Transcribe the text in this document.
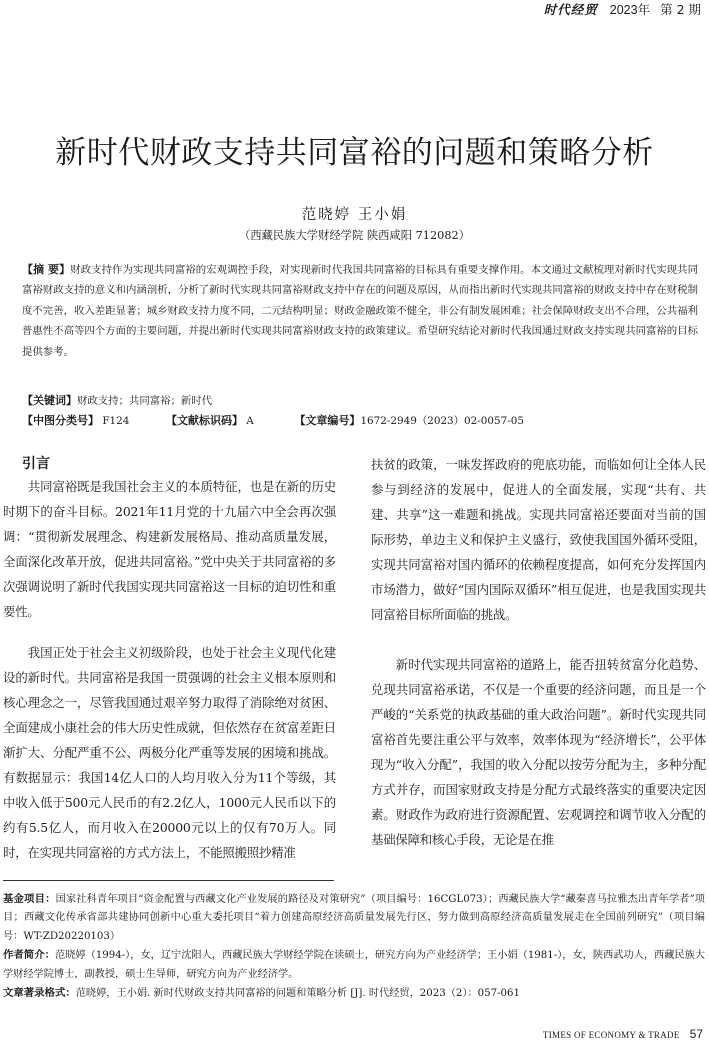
时代经贸 2023年 第 2 期
新时代财政支持共同富裕的问题和策略分析
范晓婷 王小娟
（西藏民族大学财经学院 陕西咸阳 712082）
【摘 要】财政支持作为实现共同富裕的宏观调控手段，对实现新时代我国共同富裕的目标具有重要支撑作用。本文通过文献梳理对新时代实现共同富裕财政支持的意义和内涵剖析，分析了新时代实现共同富裕财政支持中存在的问题及原因，从而指出新时代实现共同富裕的财政支持中存在财税制度不完善，收入差距显著；城乡财政支持力度不同，二元结构明显；财政金融政策不健全，非公有制发展困难；社会保障财政支出不合理，公共福利普惠性不高等四个方面的主要问题，并提出新时代实现共同富裕财政支持的政策建议。希望研究结论对新时代我国通过财政支持实现共同富裕的目标提供参考。
【关键词】财政支持；共同富裕；新时代
【中图分类号】 F124	【文献标识码】 A	【文章编号】1672-2949（2023）02-0057-05
引言

共同富裕既是我国社会主义的本质特征，也是在新的历史时期下的奋斗目标。2021年11月党的十九届六中全会再次强调：“贯彻新发展理念、构建新发展格局、推动高质量发展，全面深化改革开放，促进共同富裕。”党中央关于共同富裕的多次强调说明了新时代我国实现共同富裕这一目标的迫切性和重要性。

我国正处于社会主义初级阶段，也处于社会主义现代化建设的新时代。共同富裕是我国一贯强调的社会主义根本原则和核心理念之一，尽管我国通过艰辛努力取得了消除绝对贫困、全面建成小康社会的伟大历史性成就，但依然存在贫富差距日渐扩大、分配严重不公、两极分化严重等发展的困境和挑战。有数据显示：我国14亿人口的人均月收入分为11个等级，其中收入低于500元人民币的有2.2亿人，1000元人民币以下的约有5.5亿人，而月收入在20000元以上的仅有70万人。同时，在实现共同富裕的方式方法上，不能照搬照抄精准

扶贫的政策，一味发挥政府的兜底功能，而临如何让全体人民参与到经济的发展中，促进人的全面发展，实现“共有、共建、共享”这一难题和挑战。实现共同富裕还要面对当前的国际形势，单边主义和保护主义盛行，致使我国国外循环受阻，实现共同富裕对国内循环的依赖程度提高，如何充分发挥国内市场潜力，做好“国内国际双循环”相互促进，也是我国实现共同富裕目标所面临的挑战。

新时代实现共同富裕的道路上，能否扭转贫富分化趋势、兑现共同富裕承诺，不仅是一个重要的经济问题，而且是一个严峻的“关系党的执政基础的重大政治问题”。新时代实现共同富裕首先要注重公平与效率，效率体现为“经济增长”，公平体现为“收入分配”，我国的收入分配以按劳分配为主，多种分配方式并存，而国家财政支持是分配方式最终落实的重要决定因素。财政作为政府进行资源配置、宏观调控和调节收入分配的基础保障和核心手段，无论是在推

基金项目：国家社科青年项目“资金配置与西藏文化产业发展的路径及对策研究”（项目编号：16CGL073）；西藏民族大学“藏秦喜马拉雅杰出青年学者”项目；西藏文化传承省部共建协同创新中心重大委托项目“着力创建高原经济高质量发展先行区，努力做到高原经济高质量发展走在全国前列研究”（项目编号：WT-ZD20220103）

作者简介：范晓婷（1994-），女，辽宁沈阳人，西藏民族大学财经学院在读硕士，研究方向为产业经济学；王小娟（1981-），女，陕西武功人，西藏民族大学财经学院博士，副教授，硕士生导师，研究方向为产业经济学。

文章著录格式：范晓婷，王小娟. 新时代财政支持共同富裕的问题和策略分析 [J]. 时代经贸，2023（2）：057-061

TIMES OF ECONOMY & TRADE 57
